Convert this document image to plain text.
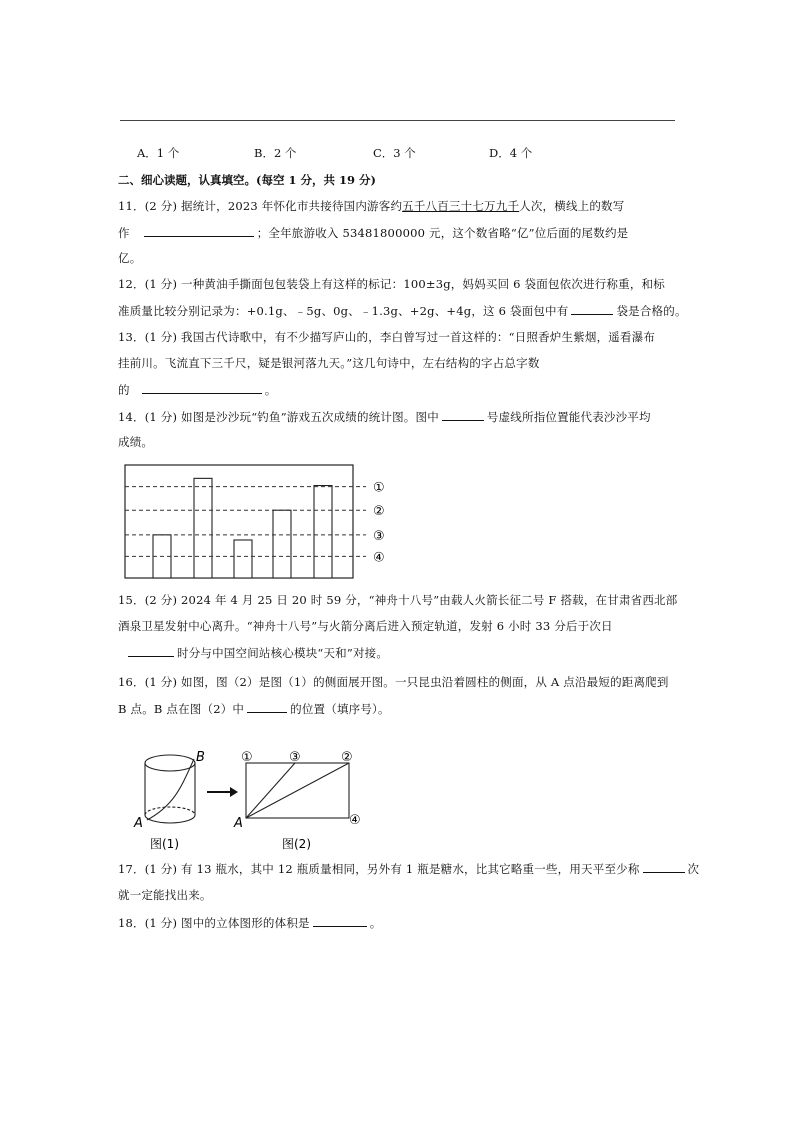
A．1 个	B．2 个	C．3 个	D．4 个
二、细心读题，认真填空。(每空 1 分，共 19 分)
11．(2 分) 据统计，2023 年怀化市共接待国内游客约五千八百三十七万九千人次，横线上的数写
作	；全年旅游收入 53481800000 元，这个数省略“亿”位后面的尾数约是
亿。
12．(1 分) 一种黄油手撕面包包装袋上有这样的标记：100±3g，妈妈买回 6 袋面包依次进行称重，和标
准质量比较分别记录为：+0.1g、﹣5g、0g、﹣1.3g、+2g、+4g，这 6 袋面包中有	袋是合格的。
13．(1 分) 我国古代诗歌中，有不少描写庐山的，李白曾写过一首这样的：“日照香炉生紫烟，遥看瀑布
挂前川。飞流直下三千尺，疑是银河落九天。”这几句诗中，左右结构的字占总字数
的	。
14．(1 分) 如图是沙沙玩“钓鱼”游戏五次成绩的统计图。图中	号虚线所指位置能代表沙沙平均
成绩。
①
②
③
④
15．(2 分) 2024 年 4 月 25 日 20 时 59 分，“神舟十八号”由载人火箭长征二号 F 搭载，在甘肃省西北部
酒泉卫星发射中心离升。“神舟十八号”与火箭分离后进入预定轨道，发射 6 小时 33 分后于次日
时分与中国空间站核心模块“天和”对接。
16．(1 分) 如图，图（2）是图（1）的侧面展开图。一只昆虫沿着圆柱的侧面，从 A 点沿最短的距离爬到
B 点。B 点在图（2）中	的位置（填序号）。
A
B
A
①	②
③
④
图(1)	图(2)
17．(1 分) 有 13 瓶水，其中 12 瓶质量相同，另外有 1 瓶是糖水，比其它略重一些，用天平至少称	次
就一定能找出来。
18．(1 分) 图中的立体图形的体积是	。
